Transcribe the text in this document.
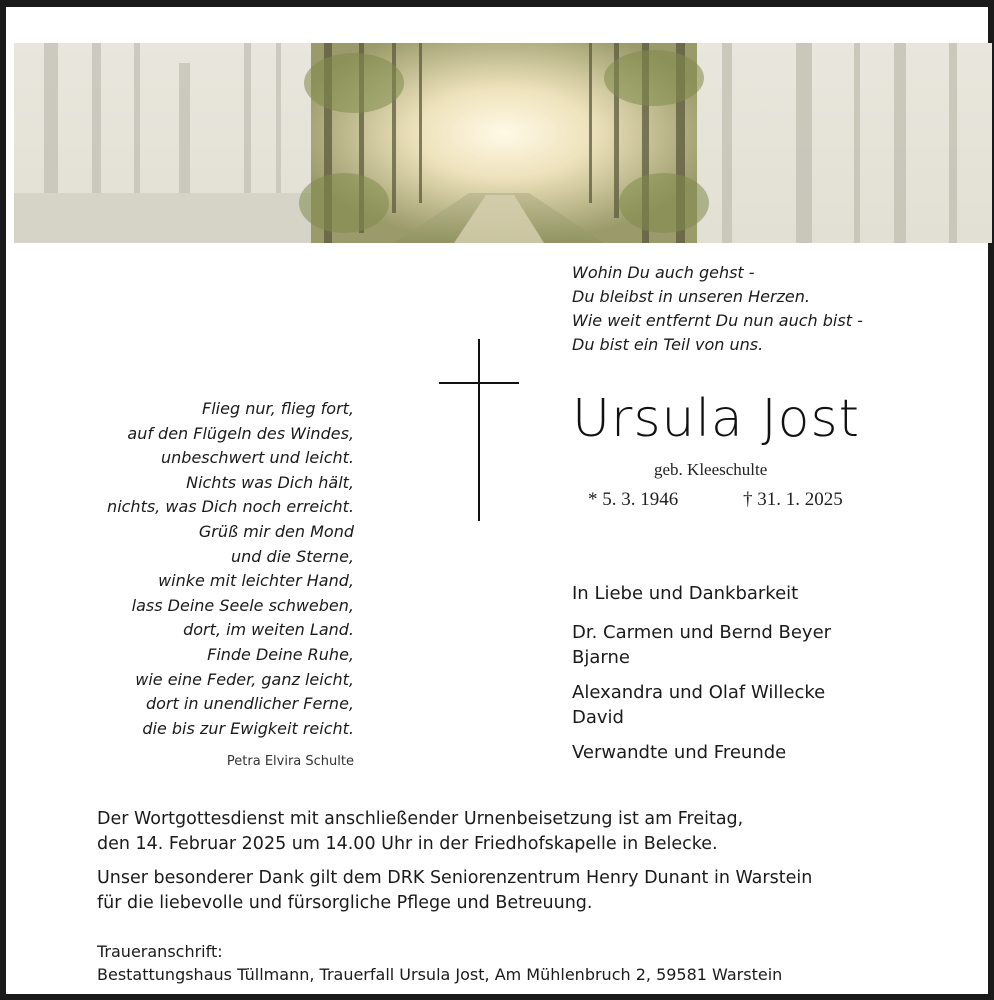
Wohin Du auch gehst -
Du bleibst in unseren Herzen.
Wie weit entfernt Du nun auch bist -
Du bist ein Teil von uns.
Ursula Jost
geb. Kleeschulte
* 5. 3. 1946	† 31. 1. 2025
Flieg nur, flieg fort,
auf den Flügeln des Windes,
unbeschwert und leicht.
Nichts was Dich hält,
nichts, was Dich noch erreicht.
Grüß mir den Mond
und die Sterne,
winke mit leichter Hand,
lass Deine Seele schweben,
dort, im weiten Land.
Finde Deine Ruhe,
wie eine Feder, ganz leicht,
dort in unendlicher Ferne,
die bis zur Ewigkeit reicht.
Petra Elvira Schulte
In Liebe und Dankbarkeit
Dr. Carmen und Bernd Beyer
Bjarne
Alexandra und Olaf Willecke
David
Verwandte und Freunde

Der Wortgottesdienst mit anschließender Urnenbeisetzung ist am Freitag,

den 14. Februar 2025 um 14.00 Uhr in der Friedhofskapelle in Belecke.

Unser besonderer Dank gilt dem DRK Seniorenzentrum Henry Dunant in Warstein

für die liebevolle und fürsorgliche Pflege und Betreuung.

Traueranschrift:
Bestattungshaus Tüllmann, Trauerfall Ursula Jost, Am Mühlenbruch 2, 59581 Warstein
